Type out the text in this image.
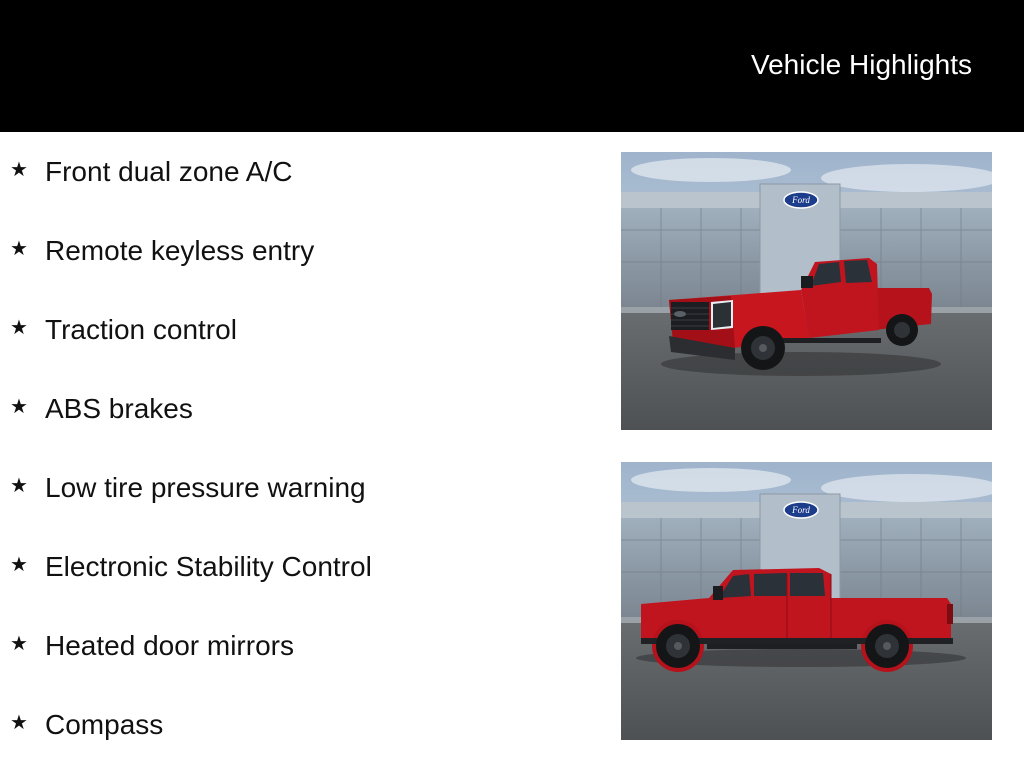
Vehicle Highlights
★ Front dual zone A/C
★ Remote keyless entry
★ Traction control
★ ABS brakes
★ Low tire pressure warning
★ Electronic Stability Control
★ Heated door mirrors
★ Compass
Ford
Ford
